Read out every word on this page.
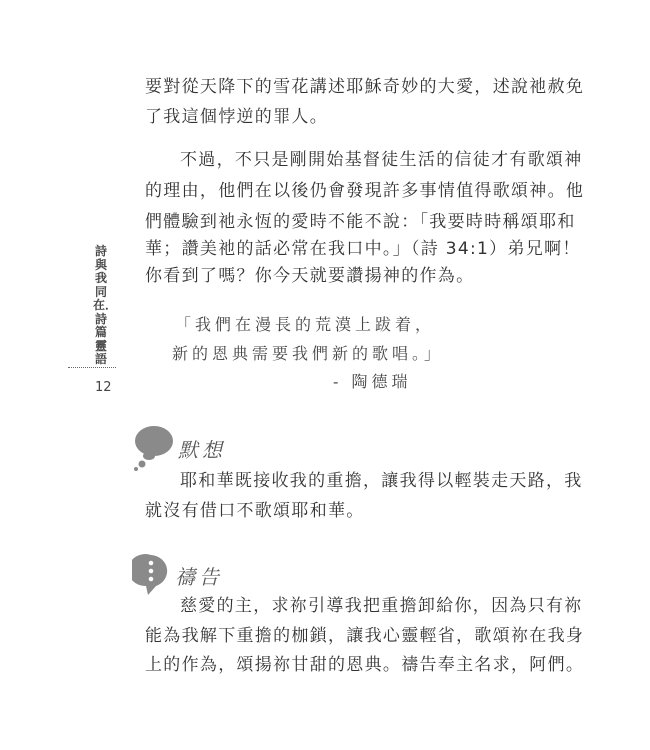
詩與我同在．詩篇靈語
12
要對從天降下的雪花講述耶穌奇妙的大愛，述說祂赦免
了我這個悖逆的罪人。
不過，不只是剛開始基督徒生活的信徒才有歌頌神
的理由，他們在以後仍會發現許多事情值得歌頌神。他
們體驗到祂永恆的愛時不能不說：「我要時時稱頌耶和
華；讚美祂的話必常在我口中。」（詩 34:1）弟兄啊！
你看到了嗎？你今天就要讚揚神的作為。
「我們在漫長的荒漠上跋着，
新的恩典需要我們新的歌唱。」
- 陶德瑞
默想
耶和華既接收我的重擔，讓我得以輕裝走天路，我
就沒有借口不歌頌耶和華。
禱告
慈愛的主，求祢引導我把重擔卸給你，因為只有祢
能為我解下重擔的枷鎖，讓我心靈輕省，歌頌祢在我身
上的作為，頌揚祢甘甜的恩典。禱告奉主名求，阿們。
